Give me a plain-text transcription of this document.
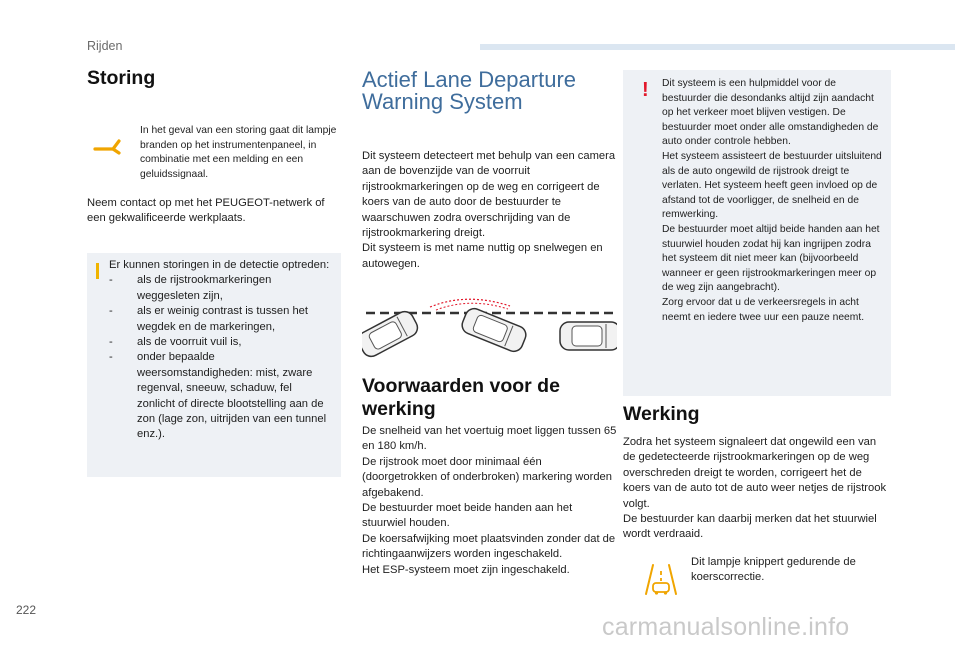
Rijden
Storing
In het geval van een storing gaat dit lampje branden op het instrumentenpaneel, in combinatie met een melding en een geluidssignaal.
Neem contact op met het PEUGEOT-netwerk of een gekwalificeerde werkplaats.
Er kunnen storingen in de detectie optreden:
- als de rijstrookmarkeringen weggesleten zijn,
- als er weinig contrast is tussen het wegdek en de markeringen,
- als de voorruit vuil is,
- onder bepaalde weersomstandigheden: mist, zware regenval, sneeuw, schaduw, fel zonlicht of directe blootstelling aan de zon (lage zon, uitrijden van een tunnel enz.).
Actief Lane Departure
Warning System
Dit systeem detecteert met behulp van een camera aan de bovenzijde van de voorruit rijstrookmarkeringen op de weg en corrigeert de koers van de auto door de bestuurder te waarschuwen zodra overschrijding van de rijstrookmarkering dreigt.
Dit systeem is met name nuttig op snelwegen en autowegen.
Voorwaarden voor de
werking
De snelheid van het voertuig moet liggen tussen 65 en 180 km/h.
De rijstrook moet door minimaal één (doorgetrokken of onderbroken) markering worden afgebakend.
De bestuurder moet beide handen aan het stuurwiel houden.
De koersafwijking moet plaatsvinden zonder dat de richtingaanwijzers worden ingeschakeld.
Het ESP-systeem moet zijn ingeschakeld.
! Dit systeem is een hulpmiddel voor de bestuurder die desondanks altijd zijn aandacht op het verkeer moet blijven vestigen. De bestuurder moet onder alle omstandigheden de auto onder controle hebben.
Het systeem assisteert de bestuurder uitsluitend als de auto ongewild de rijstrook dreigt te verlaten. Het systeem heeft geen invloed op de afstand tot de voorligger, de snelheid en de remwerking.
De bestuurder moet altijd beide handen aan het stuurwiel houden zodat hij kan ingrijpen zodra het systeem dit niet meer kan (bijvoorbeeld wanneer er geen rijstrookmarkeringen meer op de weg zijn aangebracht).
Zorg ervoor dat u de verkeersregels in acht neemt en iedere twee uur een pauze neemt.
Werking
Zodra het systeem signaleert dat ongewild een van de gedetecteerde rijstrookmarkeringen op de weg overschreden dreigt te worden, corrigeert het de koers van de auto tot de auto weer netjes de rijstrook volgt.
De bestuurder kan daarbij merken dat het stuurwiel wordt verdraaid.
Dit lampje knippert gedurende de koerscorrectie.
222
carmanualsonline.info
